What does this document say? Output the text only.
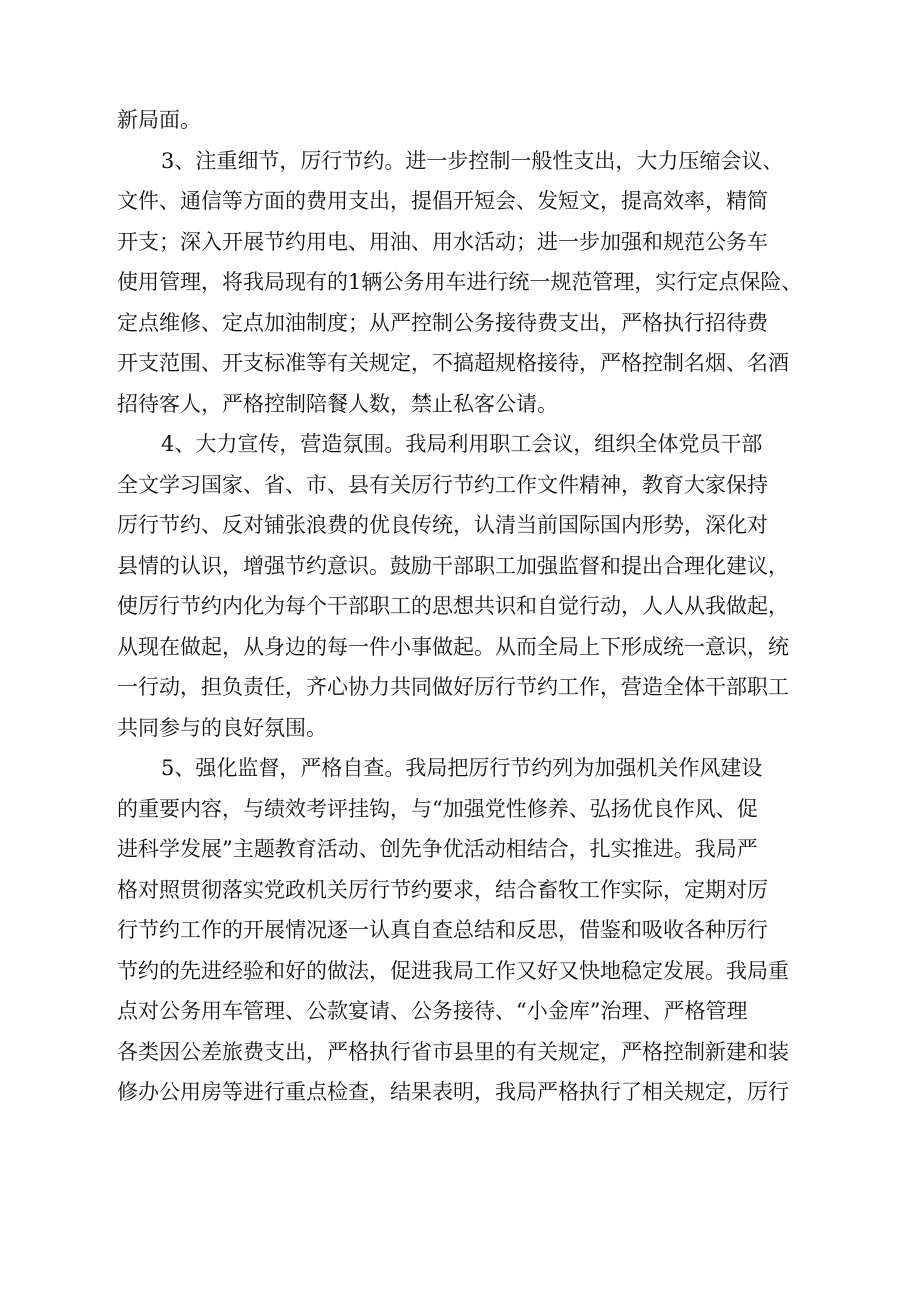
新局面。
3、注重细节，厉行节约。进一步控制一般性支出，大力压缩会议、
文件、通信等方面的费用支出，提倡开短会、发短文，提高效率，精简
开支；深入开展节约用电、用油、用水活动；进一步加强和规范公务车
使用管理，将我局现有的1辆公务用车进行统一规范管理，实行定点保险、
定点维修、定点加油制度；从严控制公务接待费支出，严格执行招待费
开支范围、开支标准等有关规定，不搞超规格接待，严格控制名烟、名酒
招待客人，严格控制陪餐人数，禁止私客公请。
4、大力宣传，营造氛围。我局利用职工会议，组织全体党员干部
全文学习国家、省、市、县有关厉行节约工作文件精神，教育大家保持
厉行节约、反对铺张浪费的优良传统，认清当前国际国内形势，深化对
县情的认识，增强节约意识。鼓励干部职工加强监督和提出合理化建议，
使厉行节约内化为每个干部职工的思想共识和自觉行动，人人从我做起，
从现在做起，从身边的每一件小事做起。从而全局上下形成统一意识，统
一行动，担负责任，齐心协力共同做好厉行节约工作，营造全体干部职工
共同参与的良好氛围。
5、强化监督，严格自查。我局把厉行节约列为加强机关作风建设
的重要内容，与绩效考评挂钩，与“加强党性修养、弘扬优良作风、促
进科学发展”主题教育活动、创先争优活动相结合，扎实推进。我局严
格对照贯彻落实党政机关厉行节约要求，结合畜牧工作实际，定期对厉
行节约工作的开展情况逐一认真自查总结和反思，借鉴和吸收各种厉行
节约的先进经验和好的做法，促进我局工作又好又快地稳定发展。我局重
点对公务用车管理、公款宴请、公务接待、“小金库”治理、严格管理
各类因公差旅费支出，严格执行省市县里的有关规定，严格控制新建和装
修办公用房等进行重点检查，结果表明，我局严格执行了相关规定，厉行
